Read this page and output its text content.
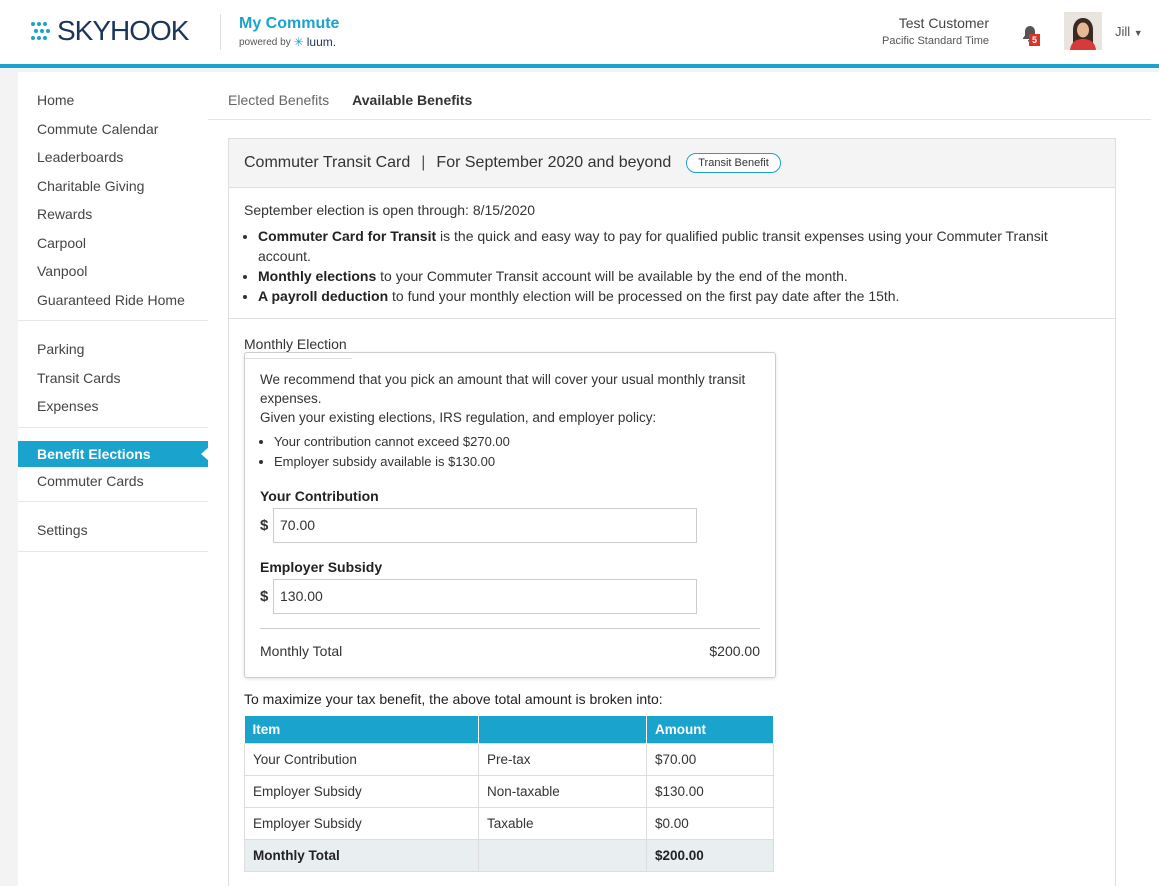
SKYHOOK	My Commute
powered by ✳ luum.
Test Customer
Pacific Standard Time	5
Jill ▼
Home
Commute Calendar
Leaderboards
Charitable Giving
Rewards
Carpool
Vanpool
Guaranteed Ride Home
Parking
Transit Cards
Expenses
Benefit Elections
Commuter Cards
Settings
Elected Benefits Available Benefits
Commuter Transit Card | For September 2020 and beyond	Transit Benefit
September election is open through: 8/15/2020
• Commuter Card for Transit is the quick and easy way to pay for qualified public transit expenses using your Commuter Transit account.
• Monthly elections to your Commuter Transit account will be available by the end of the month.
• A payroll deduction to fund your monthly election will be processed on the first pay date after the 15th.
Monthly Election

We recommend that you pick an amount that will cover your usual monthly transit expenses.

Given your existing elections, IRS regulation, and employer policy:

• Your contribution cannot exceed $270.00
• Employer subsidy available is $130.00
Your Contribution
$ 70.00
Employer Subsidy
$ 130.00
Monthly Total	$200.00
To maximize your tax benefit, the above total amount is broken into:
Item		Amount
Your Contribution	Pre-tax	$70.00
Employer Subsidy	Non-taxable	$130.00
Employer Subsidy	Taxable	$0.00
Monthly Total		$200.00
